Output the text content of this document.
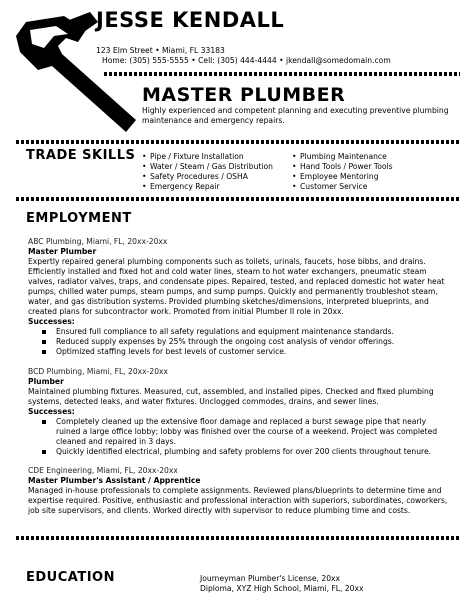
JESSE KENDALL
123 Elm Street • Miami, FL 33183
Home: (305) 555-5555 • Cell: (305) 444-4444 • jkendall@somedomain.com
MASTER PLUMBER
Highly experienced and competent planning and executing preventive plumbing maintenance and emergency repairs.
TRADE SKILLS • Pipe / Fixture Installation
• Water / Steam / Gas Distribution
• Safety Procedures / OSHA
• Emergency Repair
• Plumbing Maintenance
• Hand Tools / Power Tools
• Employee Mentoring
• Customer Service
EMPLOYMENT
ABC Plumbing, Miami, FL, 20xx-20xx
Master Plumber
Expertly repaired general plumbing components such as toilets, urinals, faucets, hose bibbs, and drains. Efficiently installed and fixed hot and cold water lines, steam to hot water exchangers, pneumatic steam valves, radiator valves, traps, and condensate pipes. Repaired, tested, and replaced domestic hot water heat pumps, chilled water pumps, steam pumps, and sump pumps. Quickly and permanently troubleshot steam, water, and gas distribution systems. Provided plumbing sketches/dimensions, interpreted blueprints, and created plans for subcontractor work. Promoted from initial Plumber II role in 20xx.
Successes:
Ensured full compliance to all safety regulations and equipment maintenance standards.
Reduced supply expenses by 25% through the ongoing cost analysis of vendor offerings.
Optimized staffing levels for best levels of customer service.
BCD Plumbing, Miami, FL, 20xx-20xx
Plumber
Maintained plumbing fixtures. Measured, cut, assembled, and installed pipes. Checked and fixed plumbing systems, detected leaks, and water fixtures. Unclogged commodes, drains, and sewer lines.
Successes:
Completely cleaned up the extensive floor damage and replaced a burst sewage pipe that nearly ruined a large office lobby; lobby was finished over the course of a weekend. Project was completed cleaned and repaired in 3 days.
Quickly identified electrical, plumbing and safety problems for over 200 clients throughout tenure.
CDE Engineering, Miami, FL, 20xx-20xx
Master Plumber's Assistant / Apprentice
Managed in-house professionals to complete assignments. Reviewed plans/blueprints to determine time and expertise required. Positive, enthusiastic and professional interaction with superiors, subordinates, coworkers, job site supervisors, and clients. Worked directly with supervisor to reduce plumbing time and costs.
EDUCATION	Journeyman Plumber's License, 20xx
Diploma, XYZ High School, Miami, FL, 20xx
